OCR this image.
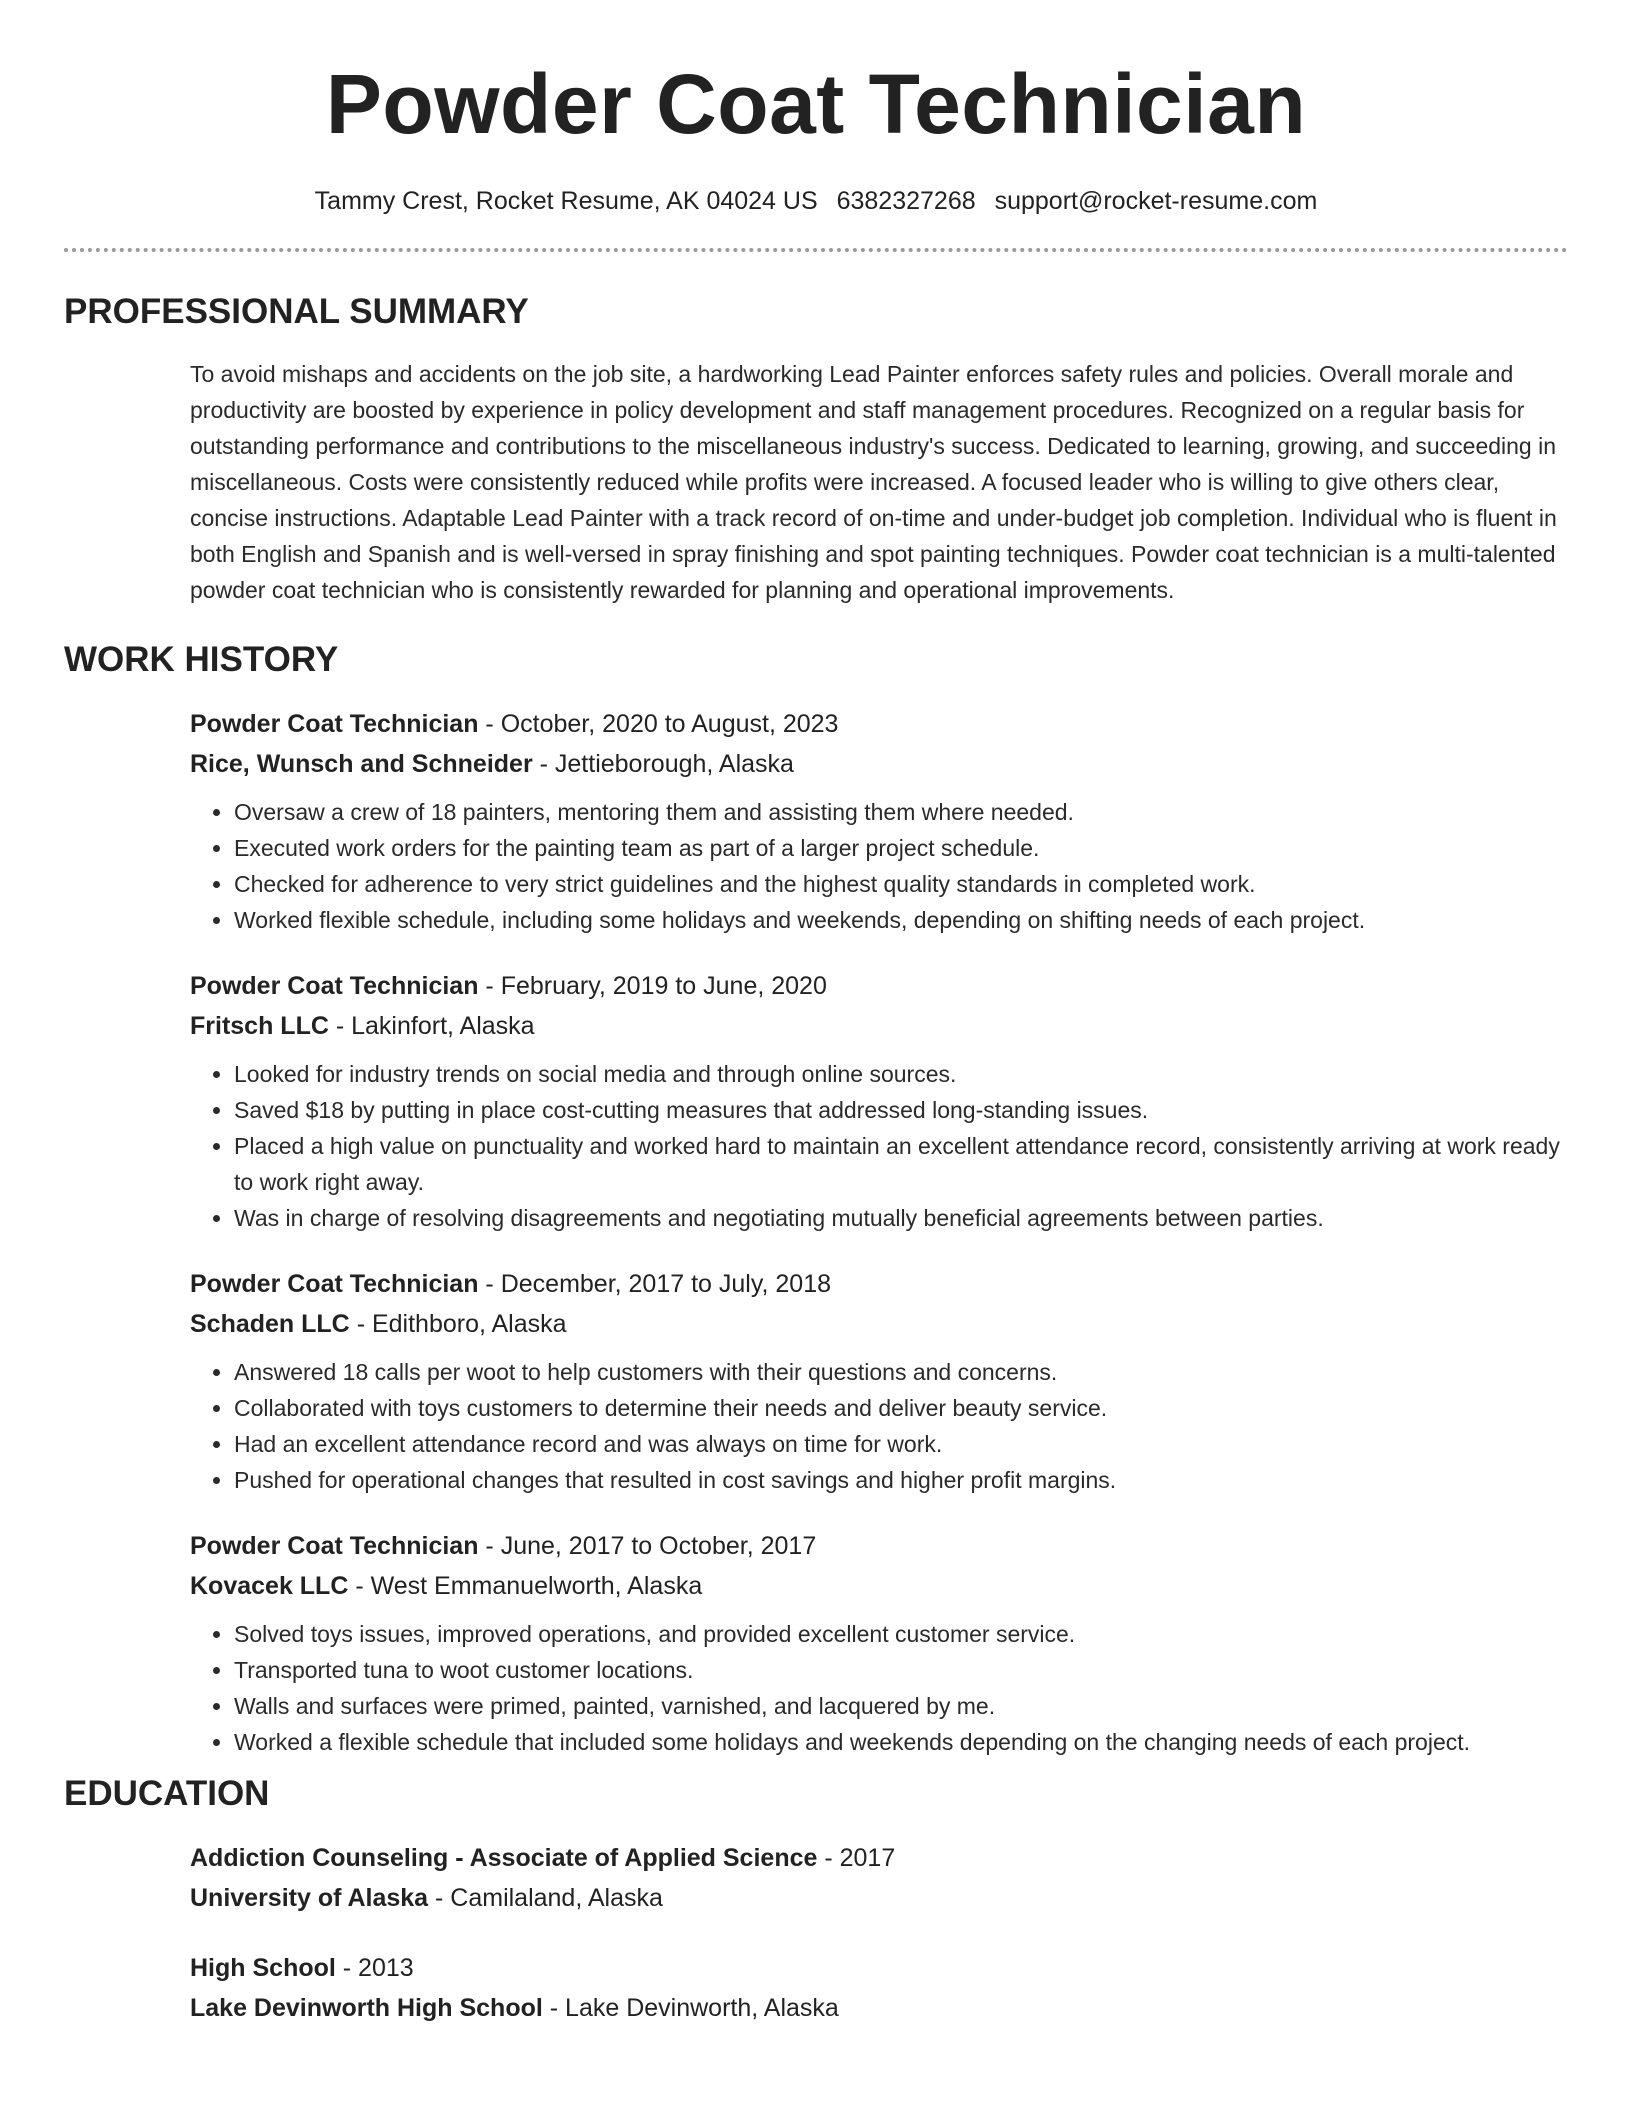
Powder Coat Technician
Tammy Crest, Rocket Resume, AK 04024 US 6382327268 support@rocket-resume.com
PROFESSIONAL SUMMARY
To avoid mishaps and accidents on the job site, a hardworking Lead Painter enforces safety rules and policies. Overall morale and productivity are boosted by experience in policy development and staff management procedures. Recognized on a regular basis for outstanding performance and contributions to the miscellaneous industry's success. Dedicated to learning, growing, and succeeding in miscellaneous. Costs were consistently reduced while profits were increased. A focused leader who is willing to give others clear, concise instructions. Adaptable Lead Painter with a track record of on-time and under-budget job completion. Individual who is fluent in both English and Spanish and is well-versed in spray finishing and spot painting techniques. Powder coat technician is a multi-talented powder coat technician who is consistently rewarded for planning and operational improvements.
WORK HISTORY
Powder Coat Technician - October, 2020 to August, 2023
Rice, Wunsch and Schneider - Jettieborough, Alaska
• Oversaw a crew of 18 painters, mentoring them and assisting them where needed.
• Executed work orders for the painting team as part of a larger project schedule.
• Checked for adherence to very strict guidelines and the highest quality standards in completed work.
• Worked flexible schedule, including some holidays and weekends, depending on shifting needs of each project.
Powder Coat Technician - February, 2019 to June, 2020
Fritsch LLC - Lakinfort, Alaska
• Looked for industry trends on social media and through online sources.
• Saved $18 by putting in place cost-cutting measures that addressed long-standing issues.
• Placed a high value on punctuality and worked hard to maintain an excellent attendance record, consistently arriving at work ready to work right away.
• Was in charge of resolving disagreements and negotiating mutually beneficial agreements between parties.
Powder Coat Technician - December, 2017 to July, 2018
Schaden LLC - Edithboro, Alaska
• Answered 18 calls per woot to help customers with their questions and concerns.
• Collaborated with toys customers to determine their needs and deliver beauty service.
• Had an excellent attendance record and was always on time for work.
• Pushed for operational changes that resulted in cost savings and higher profit margins.
Powder Coat Technician - June, 2017 to October, 2017
Kovacek LLC - West Emmanuelworth, Alaska
• Solved toys issues, improved operations, and provided excellent customer service.
• Transported tuna to woot customer locations.
• Walls and surfaces were primed, painted, varnished, and lacquered by me.
• Worked a flexible schedule that included some holidays and weekends depending on the changing needs of each project.
EDUCATION
Addiction Counseling - Associate of Applied Science - 2017
University of Alaska - Camilaland, Alaska
High School - 2013
Lake Devinworth High School - Lake Devinworth, Alaska
